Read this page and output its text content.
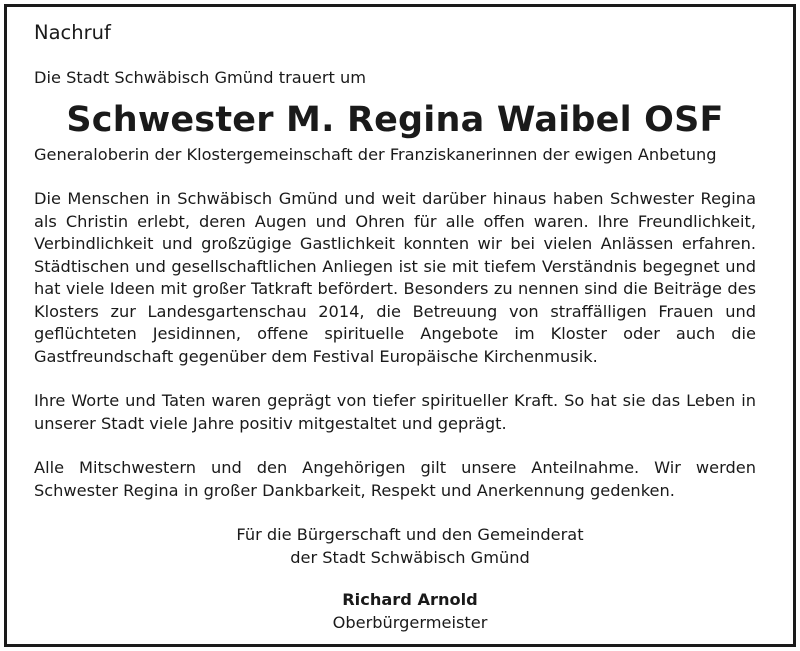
Nachruf
Die Stadt Schwäbisch Gmünd trauert um
Schwester M. Regina Waibel OSF
Generaloberin der Klostergemeinschaft der Franziskanerinnen der ewigen Anbetung

Die Menschen in Schwäbisch Gmünd und weit darüber hinaus haben Schwester Regina als Christin erlebt, deren Augen und Ohren für alle offen waren. Ihre Freundlichkeit, Verbindlichkeit und großzügige Gastlichkeit konnten wir bei vielen Anlässen erfahren. Städtischen und gesellschaftlichen Anliegen ist sie mit tiefem Verständnis begegnet und hat viele Ideen mit großer Tatkraft befördert. Besonders zu nennen sind die Beiträge des Klosters zur Landesgartenschau 2014, die Betreuung von straffälligen Frauen und geflüchteten Jesidinnen, offene spirituelle Angebote im Kloster oder auch die Gastfreundschaft gegenüber dem Festival Europäische Kirchenmusik.

Ihre Worte und Taten waren geprägt von tiefer spiritueller Kraft. So hat sie das Leben in unserer Stadt viele Jahre positiv mitgestaltet und geprägt.

Alle Mitschwestern und den Angehörigen gilt unsere Anteilnahme. Wir werden Schwester Regina in großer Dankbarkeit, Respekt und Anerkennung gedenken.

Für die Bürgerschaft und den Gemeinderat
der Stadt Schwäbisch Gmünd
Richard Arnold
Oberbürgermeister
